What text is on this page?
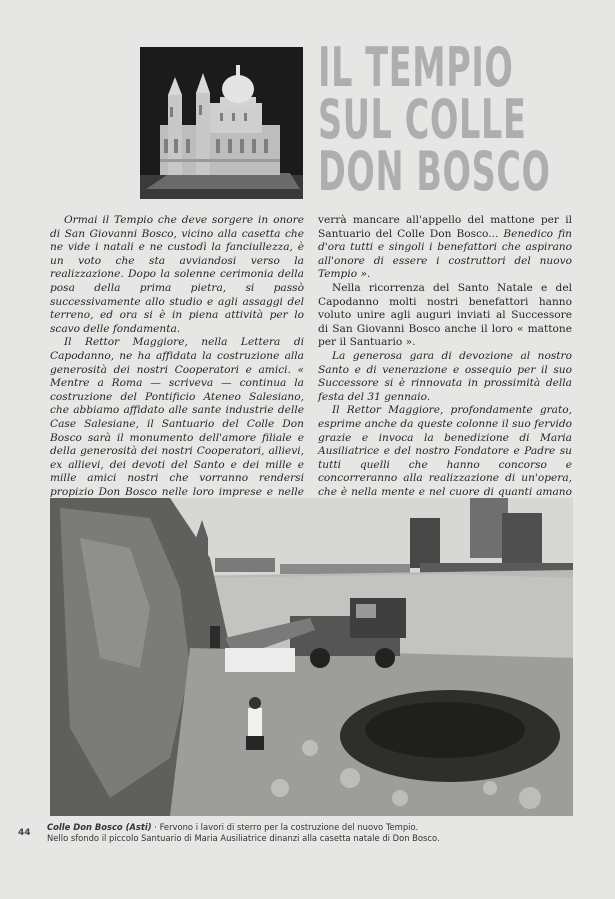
IL TEMPIO
SUL COLLE
DON BOSCO

Ormai il Tempio che deve sorgere in onore di San Giovanni Bosco, vicino alla casetta che ne vide i natali e ne custodì la fanciullezza, è un voto che sta avviandosi verso la realizzazione. Dopo la solenne cerimonia della posa della prima pietra, si passò successivamente allo studio e agli assaggi del terreno, ed ora si è in piena attività per lo scavo delle fondamenta.

Il Rettor Maggiore, nella Lettera di Capodanno, ne ha affidata la costruzione alla generosità dei nostri Cooperatori e amici. « Mentre a Roma — scriveva — continua la costruzione del Pontificio Ateneo Salesiano, che abbiamo affidato alle sante industrie delle Case Salesiane, il Santuario del Colle Don Bosco sarà il monumento dell'amore filiale e della generosità dei nostri Cooperatori, allievi, ex allievi, dei devoti del Santo e dei mille e mille amici nostri che vorranno rendersi propizio Don Bosco nelle loro imprese e nelle

verrà mancare all'appello del mattone per il Santuario del Colle Don Bosco... Benedico fin d'ora tutti e singoli i benefattori che aspirano all'onore di essere i costruttori del nuovo Tempio ».

Nella ricorrenza del Santo Natale e del Capodanno molti nostri benefattori hanno voluto unire agli auguri inviati al Successore di San Giovanni Bosco anche il loro « mattone per il Santuario ».

La generosa gara di devozione al nostro Santo e di venerazione e ossequio per il suo Successore si è rinnovata in prossimità della festa del 31 gennaio.

Il Rettor Maggiore, profondamente grato, esprime anche da queste colonne il suo fervido grazie e invoca la benedizione di Maria Ausiliatrice e del nostro Fondatore e Padre su tutti quelli che hanno concorso e concorreranno alla realizzazione di un'opera, che è nella mente e nel cuore di quanti amano

44
Colle Don Bosco (Asti) · Fervono i lavori di sterro per la costruzione del nuovo Tempio.
Nello sfondo il piccolo Santuario di Maria Ausiliatrice dinanzi alla casetta natale di Don Bosco.
